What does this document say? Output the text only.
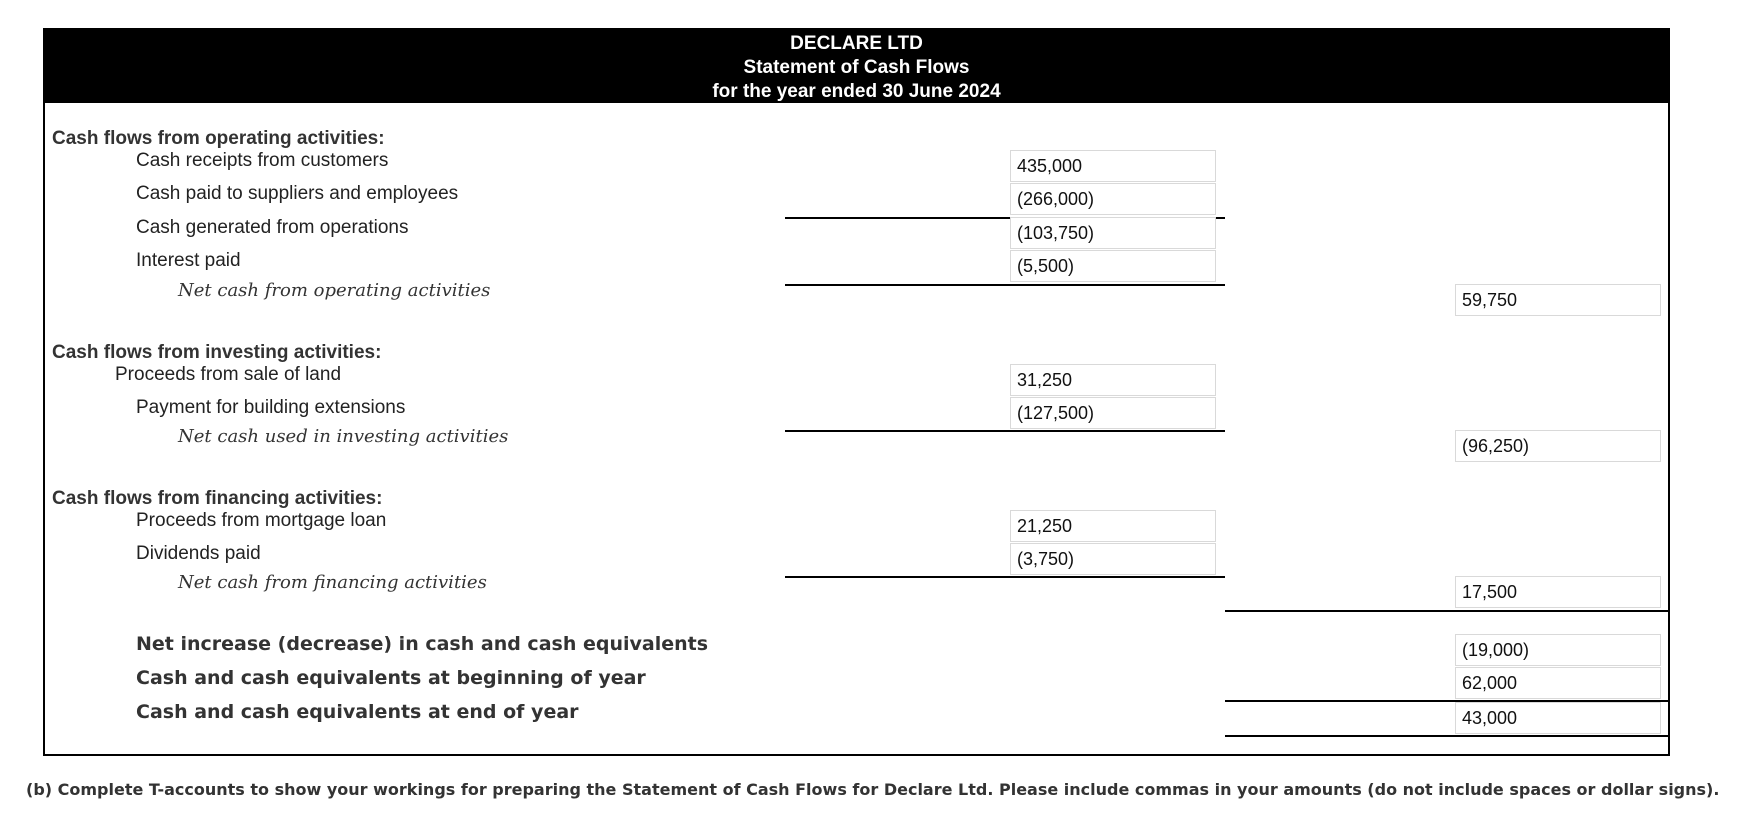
DECLARE LTD
Statement of Cash Flows
for the year ended 30 June 2024
Cash flows from operating activities:
Cash receipts from customers
435,000
Cash paid to suppliers and employees
(266,000)
Cash generated from operations
(103,750)
Interest paid
(5,500)
Net cash from operating activities
59,750
Cash flows from investing activities:
Proceeds from sale of land
31,250
Payment for building extensions
(127,500)
Net cash used in investing activities
(96,250)
Cash flows from financing activities:
Proceeds from mortgage loan
21,250
Dividends paid
(3,750)
Net cash from financing activities
17,500
Net increase (decrease) in cash and cash equivalents
(19,000)
Cash and cash equivalents at beginning of year
62,000
Cash and cash equivalents at end of year
43,000
(b) Complete T-accounts to show your workings for preparing the Statement of Cash Flows for Declare Ltd. Please include commas in your amounts (do not include spaces or dollar signs).
